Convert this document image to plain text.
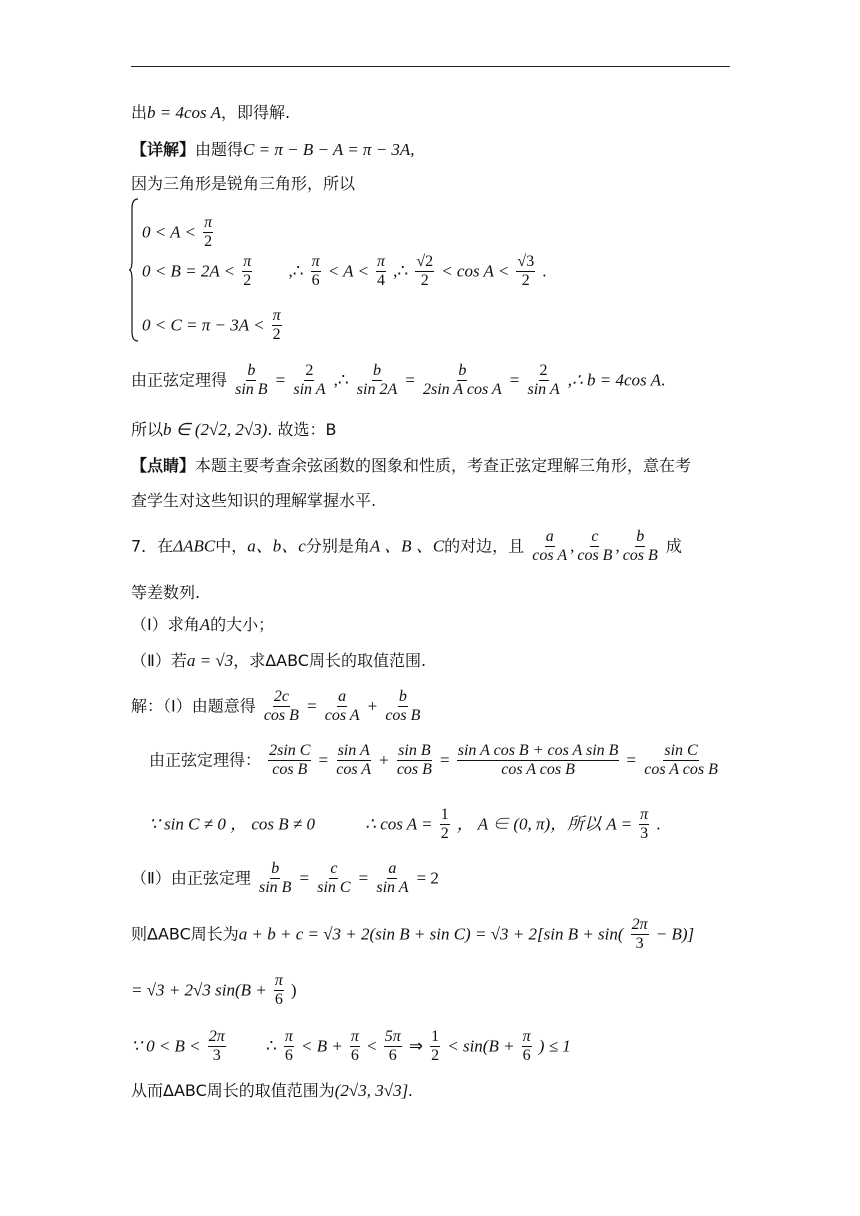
出b = 4cos A，即得解.
【详解】由题得C = π − B − A = π − 3A,
因为三角形是锐角三角形，所以
$0 < A < \frac{\pi}{2}$
$0 < B = 2A < \frac{\pi}{2}$ ,∴ $\frac{\pi}{6} < A < \frac{\pi}{4}$ ,∴ $\frac{√2}{2} < \cos A < \frac{√3}{2}$ .
$0 < C = \pi - 3A < \frac{\pi}{2}$
由正弦定理得 $\frac{b}{\text{sin B}} = \frac{2}{\text{sin A}}$ ,∴ $\frac{b}{\sin 2A} = \frac{b}{\text{2sin A cos A}} = \frac{2}{\text{sin A}}$ ,∴ b = 4cos A.
所以b ∈ (2√2, 2√3). 故选：B
【点睛】本题主要考查余弦函数的图象和性质，考查正弦定理解三角形，意在考
查学生对这些知识的理解掌握水平.
7．在ΔABC中，a、b、c分别是角A 、B 、C的对边，且 $\frac{a}{\text{cos A}}$ , $\frac{c}{\text{cos B}}$ , $\frac{b}{\text{cos B}}$ 成
等差数列.
（Ⅰ）求角A的大小；
（Ⅱ）若a = √3，求ΔABC周长的取值范围.
解：（Ⅰ）由题意得 $\frac{2c}{\text{cos B}} = \frac{a}{\text{cos A}} + \frac{b}{\text{cos B}}$
由正弦定理得： $\frac{\text{2sin C}}{\text{cos B}} = \frac{\text{sin A}}{\text{cos A}} + \frac{\text{sin B}}{\text{cos B}} = \frac{\text{sin A cos B + cos A sin B}}{\text{cos A cos B}} = \frac{\text{sin C}}{\text{cos A cos B}}$
∵ sin C ≠ 0 ， cos B ≠ 0	∴ $\cos A = \frac{1}{2}$ ， A ∈ (0, π)，所以 $A = \frac{\pi}{3}$ .
（Ⅱ）由正弦定理 $\frac{b}{\text{sin B}} = \frac{c}{\text{sin C}} = \frac{a}{\text{sin A}} = 2$
则ΔABC周长为a + b + c = √3 + 2(sin B + sin C) = √3 + 2[sin $B + \sin( \frac{2\pi}{3} - B)$]
= √3 + 2√3 $\sin(B + \frac{\pi}{6}$ )
∵ $0 < B < \frac{2\pi}{3}$ ∴ $\frac{\pi}{6} < B + \frac{\pi}{6} < \frac{5\pi}{6}$ ⇒ $\frac{1}{2} < \sin(B + \frac{\pi}{6}$ ) ≤ 1
从而ΔABC周长的取值范围为(2√3, 3√3].
